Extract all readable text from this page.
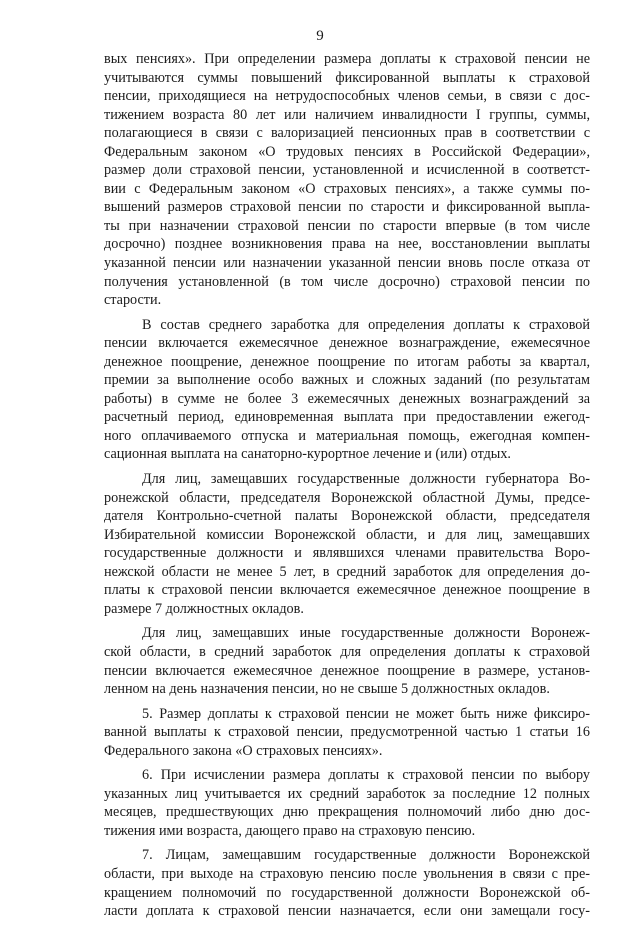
9
вых пенсиях». При определении размера доплаты к страховой пенсии не
учитываются суммы повышений фиксированной выплаты к страховой
пенсии, приходящиеся на нетрудоспособных членов семьи, в связи с дос-
тижением возраста 80 лет или наличием инвалидности I группы, суммы,
полагающиеся в связи с валоризацией пенсионных прав в соответствии с
Федеральным законом «О трудовых пенсиях в Российской Федерации»,
размер доли страховой пенсии, установленной и исчисленной в соответст-
вии с Федеральным законом «О страховых пенсиях», а также суммы по-
вышений размеров страховой пенсии по старости и фиксированной выпла-
ты при назначении страховой пенсии по старости впервые (в том числе
досрочно) позднее возникновения права на нее, восстановлении выплаты
указанной пенсии или назначении указанной пенсии вновь после отказа от
получения установленной (в том числе досрочно) страховой пенсии по
старости.
В состав среднего заработка для определения доплаты к страховой
пенсии включается ежемесячное денежное вознаграждение, ежемесячное
денежное поощрение, денежное поощрение по итогам работы за квартал,
премии за выполнение особо важных и сложных заданий (по результатам
работы) в сумме не более 3 ежемесячных денежных вознаграждений за
расчетный период, единовременная выплата при предоставлении ежегод-
ного оплачиваемого отпуска и материальная помощь, ежегодная компен-
сационная выплата на санаторно-курортное лечение и (или) отдых.
Для лиц, замещавших государственные должности губернатора Во-
ронежской области, председателя Воронежской областной Думы, предсе-
дателя Контрольно-счетной палаты Воронежской области, председателя
Избирательной комиссии Воронежской области, и для лиц, замещавших
государственные должности и являвшихся членами правительства Воро-
нежской области не менее 5 лет, в средний заработок для определения до-
платы к страховой пенсии включается ежемесячное денежное поощрение в
размере 7 должностных окладов.
Для лиц, замещавших иные государственные должности Воронеж-
ской области, в средний заработок для определения доплаты к страховой
пенсии включается ежемесячное денежное поощрение в размере, установ-
ленном на день назначения пенсии, но не свыше 5 должностных окладов.
5. Размер доплаты к страховой пенсии не может быть ниже фиксиро-
ванной выплаты к страховой пенсии, предусмотренной частью 1 статьи 16
Федерального закона «О страховых пенсиях».
6. При исчислении размера доплаты к страховой пенсии по выбору
указанных лиц учитывается их средний заработок за последние 12 полных
месяцев, предшествующих дню прекращения полномочий либо дню дос-
тижения ими возраста, дающего право на страховую пенсию.
7. Лицам, замещавшим государственные должности Воронежской
области, при выходе на страховую пенсию после увольнения в связи с пре-
кращением полномочий по государственной должности Воронежской об-
ласти доплата к страховой пенсии назначается, если они замещали госу-
